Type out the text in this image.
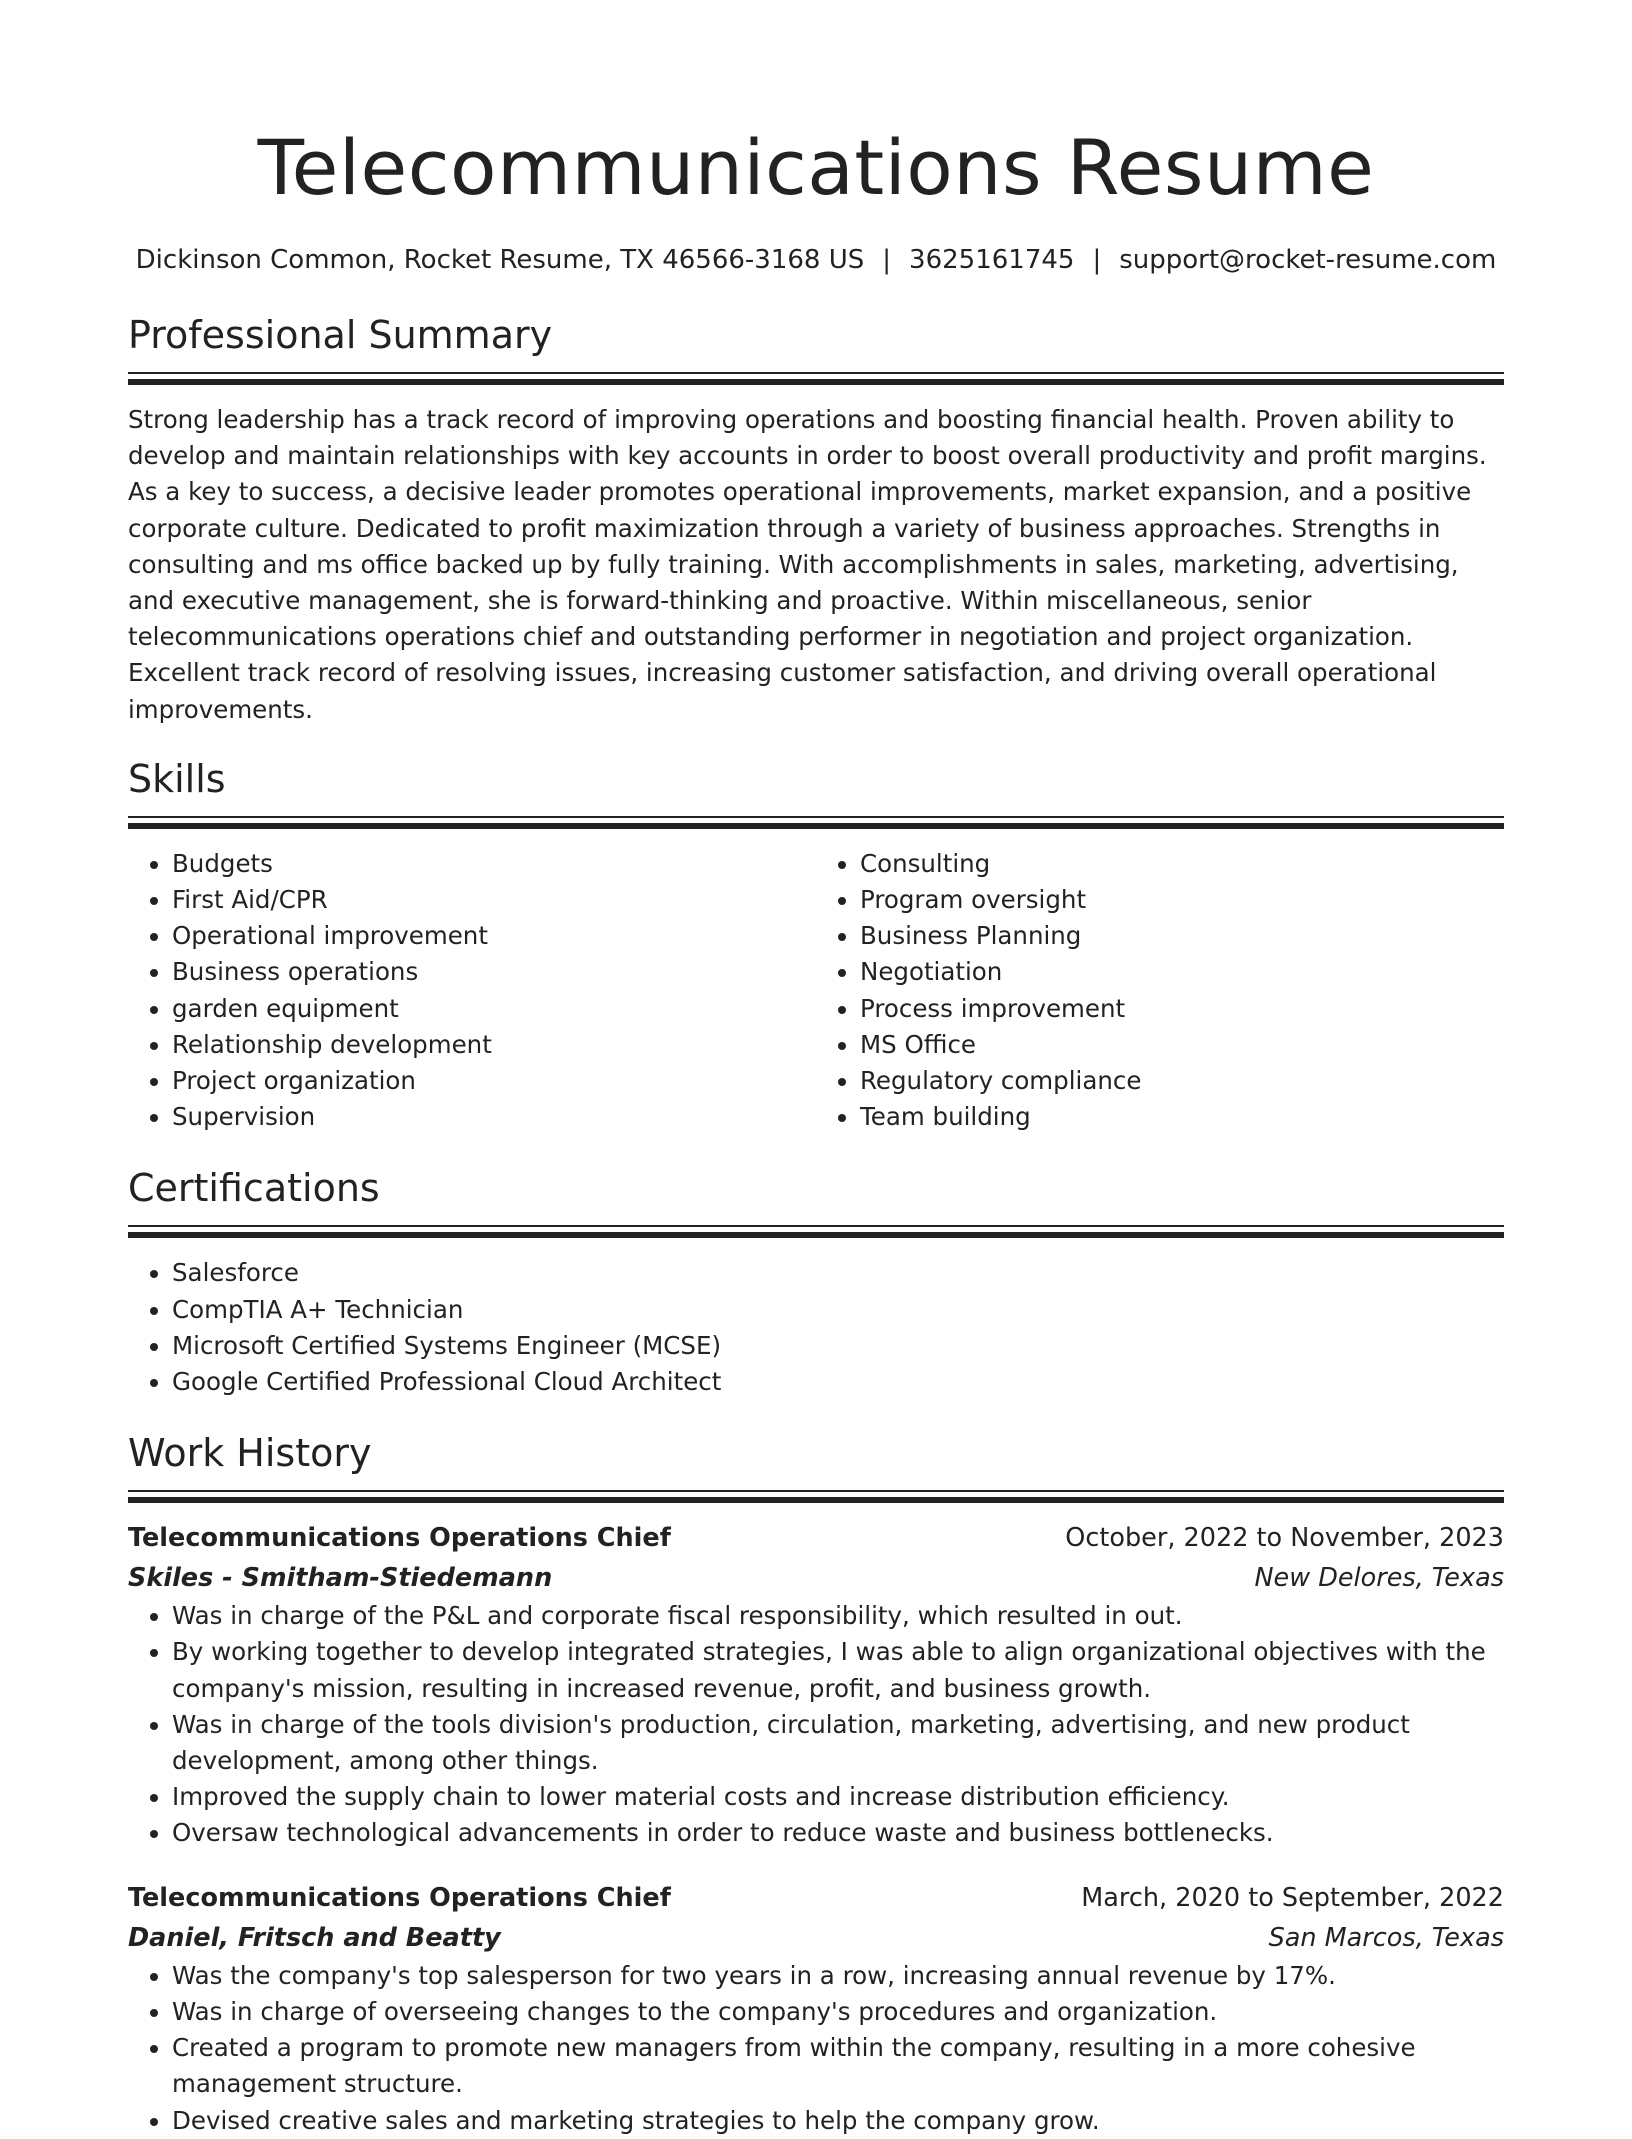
Telecommunications Resume
Dickinson Common, Rocket Resume, TX 46566-3168 US | 3625161745 | support@rocket-resume.com
Professional Summary

Strong leadership has a track record of improving operations and boosting financial health. Proven ability to develop and maintain relationships with key accounts in order to boost overall productivity and profit margins. As a key to success, a decisive leader promotes operational improvements, market expansion, and a positive corporate culture. Dedicated to profit maximization through a variety of business approaches. Strengths in consulting and ms office backed up by fully training. With accomplishments in sales, marketing, advertising, and executive management, she is forward-thinking and proactive. Within miscellaneous, senior telecommunications operations chief and outstanding performer in negotiation and project organization. Excellent track record of resolving issues, increasing customer satisfaction, and driving overall operational improvements.

Skills
• Budgets
• First Aid/CPR
• Operational improvement
• Business operations
• garden equipment
• Relationship development
• Project organization
• Supervision
• Consulting
• Program oversight
• Business Planning
• Negotiation
• Process improvement
• MS Office
• Regulatory compliance
• Team building
Certifications
• Salesforce
• CompTIA A+ Technician
• Microsoft Certified Systems Engineer (MCSE)
• Google Certified Professional Cloud Architect
Work History
Telecommunications Operations Chief	October, 2022 to November, 2023
Skiles - Smitham-Stiedemann	New Delores, Texas
• Was in charge of the P&L and corporate fiscal responsibility, which resulted in out.
• By working together to develop integrated strategies, I was able to align organizational objectives with the company's mission, resulting in increased revenue, profit, and business growth.
• Was in charge of the tools division's production, circulation, marketing, advertising, and new product development, among other things.
• Improved the supply chain to lower material costs and increase distribution efficiency.
• Oversaw technological advancements in order to reduce waste and business bottlenecks.
Telecommunications Operations Chief	March, 2020 to September, 2022
Daniel, Fritsch and Beatty	San Marcos, Texas
• Was the company's top salesperson for two years in a row, increasing annual revenue by 17%.
• Was in charge of overseeing changes to the company's procedures and organization.
• Created a program to promote new managers from within the company, resulting in a more cohesive management structure.
• Devised creative sales and marketing strategies to help the company grow.
